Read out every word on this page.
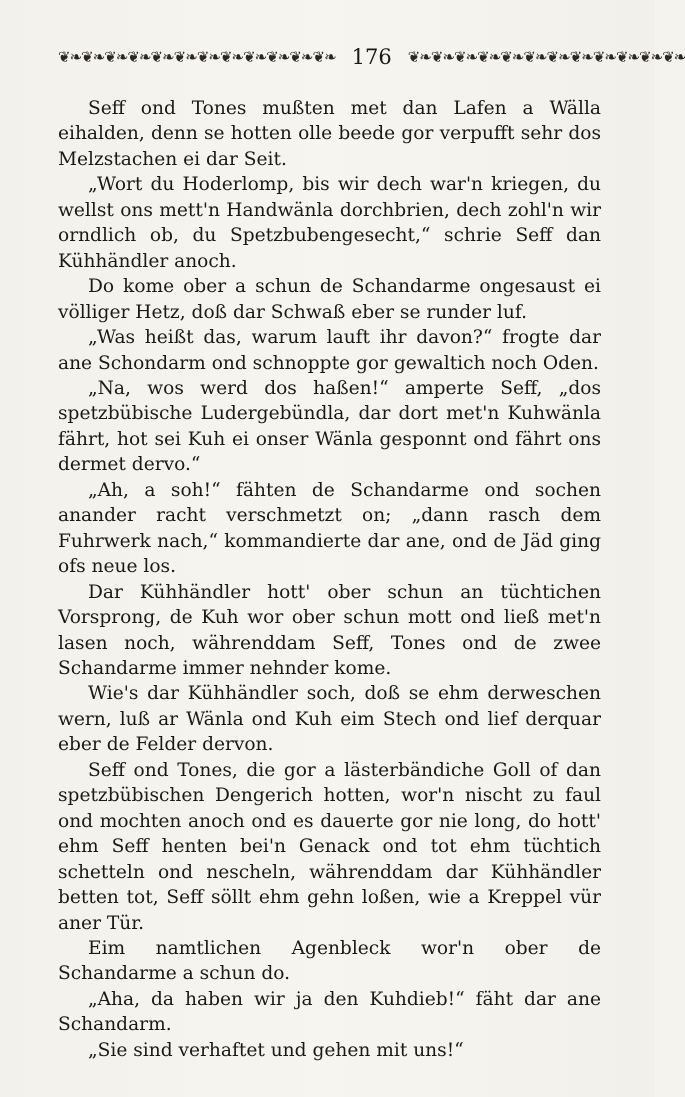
❦❧❦❧❦❧❦❧❦❧❦❧❦❧❦❧❦❧❦❧❦❧❦❧ 176	❦❧❦❧❦❧❦❧❦❧❦❧❦❧❦❧❦❧❦❧❦❧❦❧

Seff ond Tones mußten met dan Lafen a Wälla eihalden, denn se hotten olle beede gor verpufft sehr dos Melzstachen ei dar Seit.

„Wort du Hoderlomp, bis wir dech war'n kriegen, du wellst ons mett'n Handwänla dorchbrien, dech zohl'n wir orndlich ob, du Spetzbubengesecht,“ schrie Seff dan Kühhändler anoch.

Do kome ober a schun de Schandarme ongesaust ei völliger Hetz, doß dar Schwaß eber se runder luf.

„Was heißt das, warum lauft ihr davon?“ frogte dar ane Schondarm ond schnoppte gor gewaltich noch Oden.

„Na, wos werd dos haßen!“ amperte Seff, „dos spetzbübische Ludergebündla, dar dort met'n Kuhwänla fährt, hot sei Kuh ei onser Wänla gesponnt ond fährt ons dermet dervo.“

„Ah, a soh!“ fähten de Schandarme ond sochen anander racht verschmetzt on; „dann rasch dem Fuhrwerk nach,“ kommandierte dar ane, ond de Jäd ging ofs neue los.

Dar Kühhändler hott' ober schun an tüchtichen Vorsprong, de Kuh wor ober schun mott ond ließ met'n lasen noch, währenddam Seff, Tones ond de zwee Schandarme immer nehnder kome.

Wie's dar Kühhändler soch, doß se ehm derweschen wern, luß ar Wänla ond Kuh eim Stech ond lief derquar eber de Felder dervon.

Seff ond Tones, die gor a lästerbändiche Goll of dan spetzbübischen Dengerich hotten, wor'n nischt zu faul ond mochten anoch ond es dauerte gor nie long, do hott' ehm Seff henten bei'n Genack ond tot ehm tüchtich schetteln ond nescheln, währenddam dar Kühhändler betten tot, Seff söllt ehm gehn loßen, wie a Kreppel vür aner Tür.

Eim namtlichen Agenbleck wor'n ober de Schandarme a schun do.

„Aha, da haben wir ja den Kuhdieb!“ fäht dar ane Schandarm.

„Sie sind verhaftet und gehen mit uns!“
